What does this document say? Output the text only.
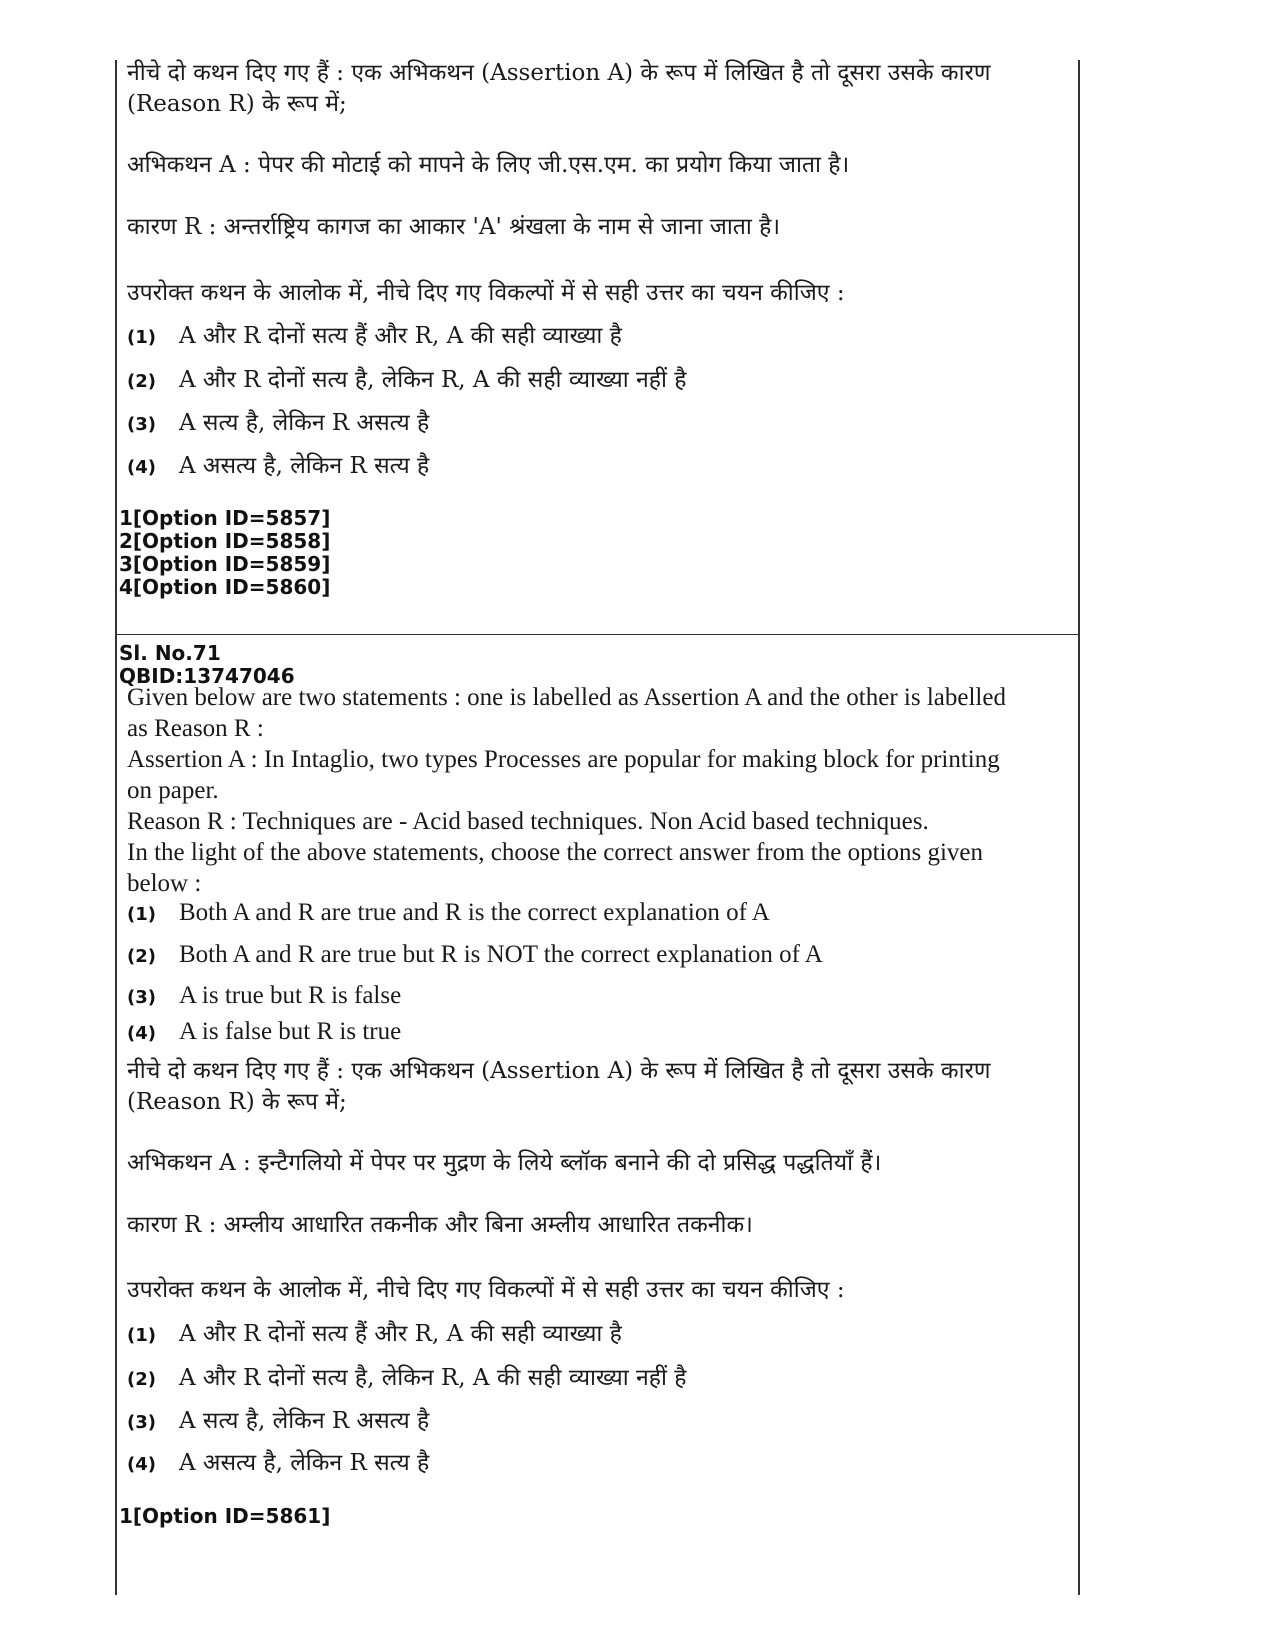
नीचे दो कथन दिए गए हैं : एक अभिकथन (Assertion A) के रूप में लिखित है तो दूसरा उसके कारण (Reason R) के रूप में;

अभिकथन A : पेपर की मोटाई को मापने के लिए जी.एस.एम. का प्रयोग किया जाता है।

कारण R : अन्तर्राष्ट्रिय कागज का आकार 'A' श्रंखला के नाम से जाना जाता है।

उपरोक्त कथन के आलोक में, नीचे दिए गए विकल्पों में से सही उत्तर का चयन कीजिए :

(1)	A और R दोनों सत्य हैं और R, A की सही व्याख्या है
(2)	A और R दोनों सत्य है, लेकिन R, A की सही व्याख्या नहीं है
(3)	A सत्य है, लेकिन R असत्य है
(4)	A असत्य है, लेकिन R सत्य है
1[Option ID=5857]
2[Option ID=5858]
3[Option ID=5859]
4[Option ID=5860]
Sl. No.71
QBID:13747046
Given below are two statements : one is labelled as Assertion A and the other is labelled as Reason R :
Assertion A : In Intaglio, two types Processes are popular for making block for printing on paper.
Reason R : Techniques are - Acid based techniques. Non Acid based techniques.
In the light of the above statements, choose the correct answer from the options given below :
(1) Both A and R are true and R is the correct explanation of A
(2) Both A and R are true but R is NOT the correct explanation of A
(3) A is true but R is false
(4) A is false but R is true

नीचे दो कथन दिए गए हैं : एक अभिकथन (Assertion A) के रूप में लिखित है तो दूसरा उसके कारण (Reason R) के रूप में;

अभिकथन A : इन्टैगलियो में पेपर पर मुद्रण के लिये ब्लॉक बनाने की दो प्रसिद्ध पद्धतियाँ हैं।

कारण R : अम्लीय आधारित तकनीक और बिना अम्लीय आधारित तकनीक।

उपरोक्त कथन के आलोक में, नीचे दिए गए विकल्पों में से सही उत्तर का चयन कीजिए :

(1)	A और R दोनों सत्य हैं और R, A की सही व्याख्या है
(2)	A और R दोनों सत्य है, लेकिन R, A की सही व्याख्या नहीं है
(3)	A सत्य है, लेकिन R असत्य है
(4)	A असत्य है, लेकिन R सत्य है
1[Option ID=5861]
